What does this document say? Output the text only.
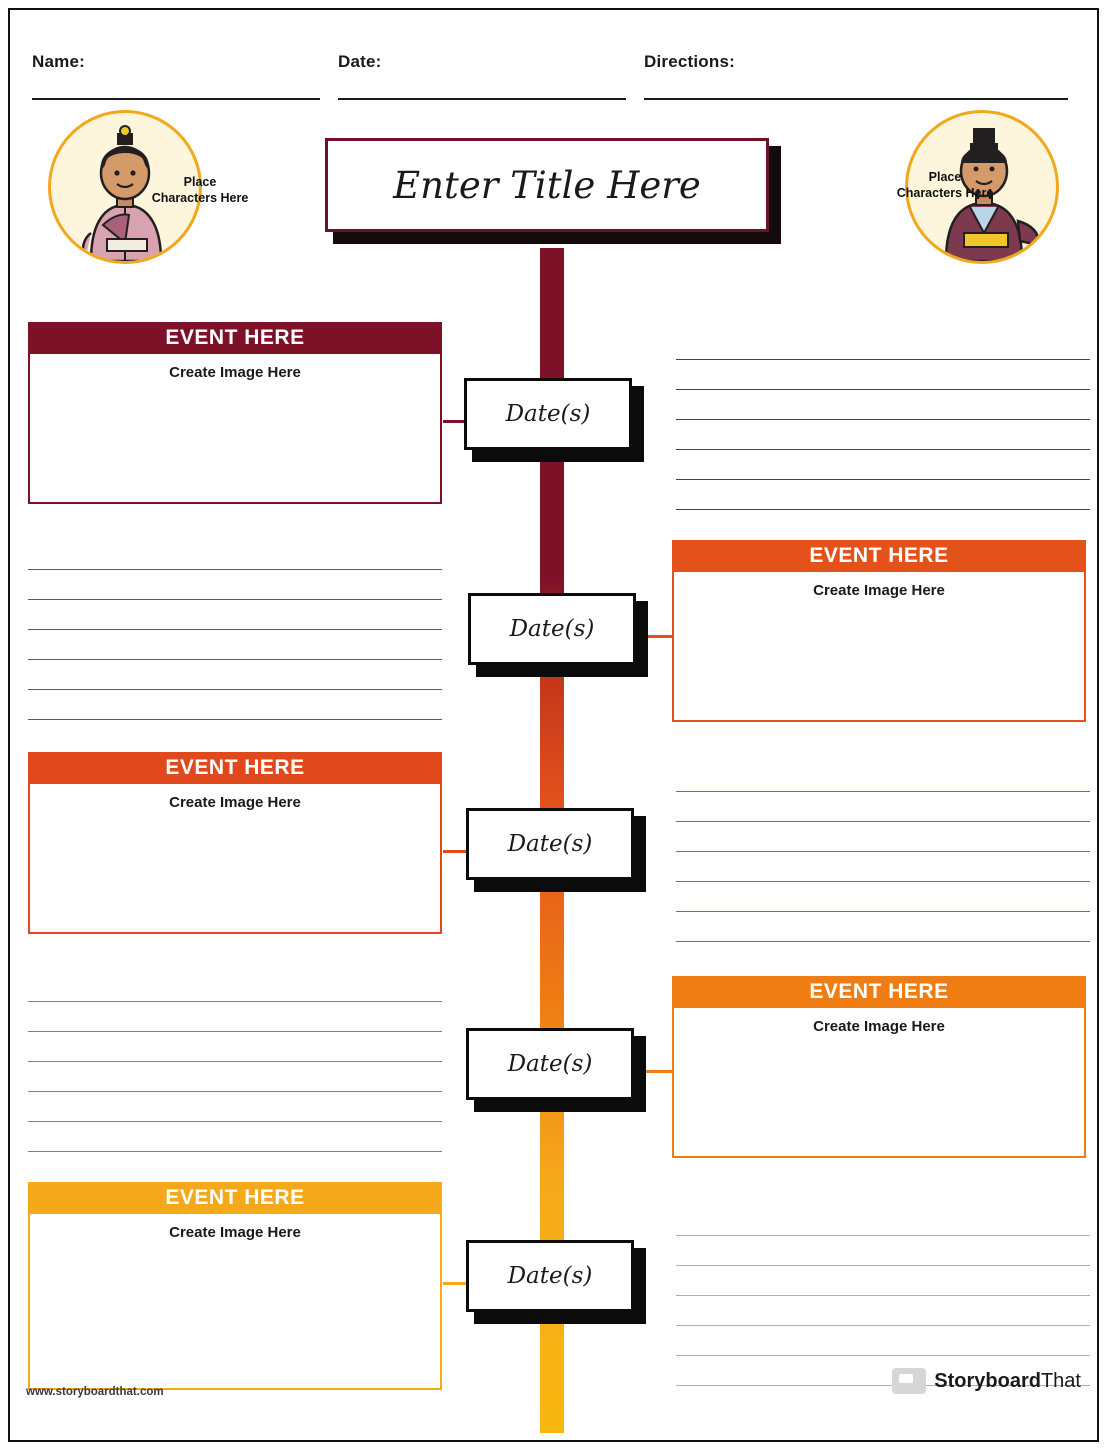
Name:	Date:	Directions:
Enter Title Here
Place
Characters Here
Place
Characters Here
Date(s)
Date(s)
Date(s)
Date(s)
Date(s)
EVENT HERE
Create Image Here
EVENT HERE
Create Image Here
EVENT HERE
Create Image Here
EVENT HERE
Create Image Here
EVENT HERE
Create Image Here
www.storyboardthat.com
StoryboardThat
